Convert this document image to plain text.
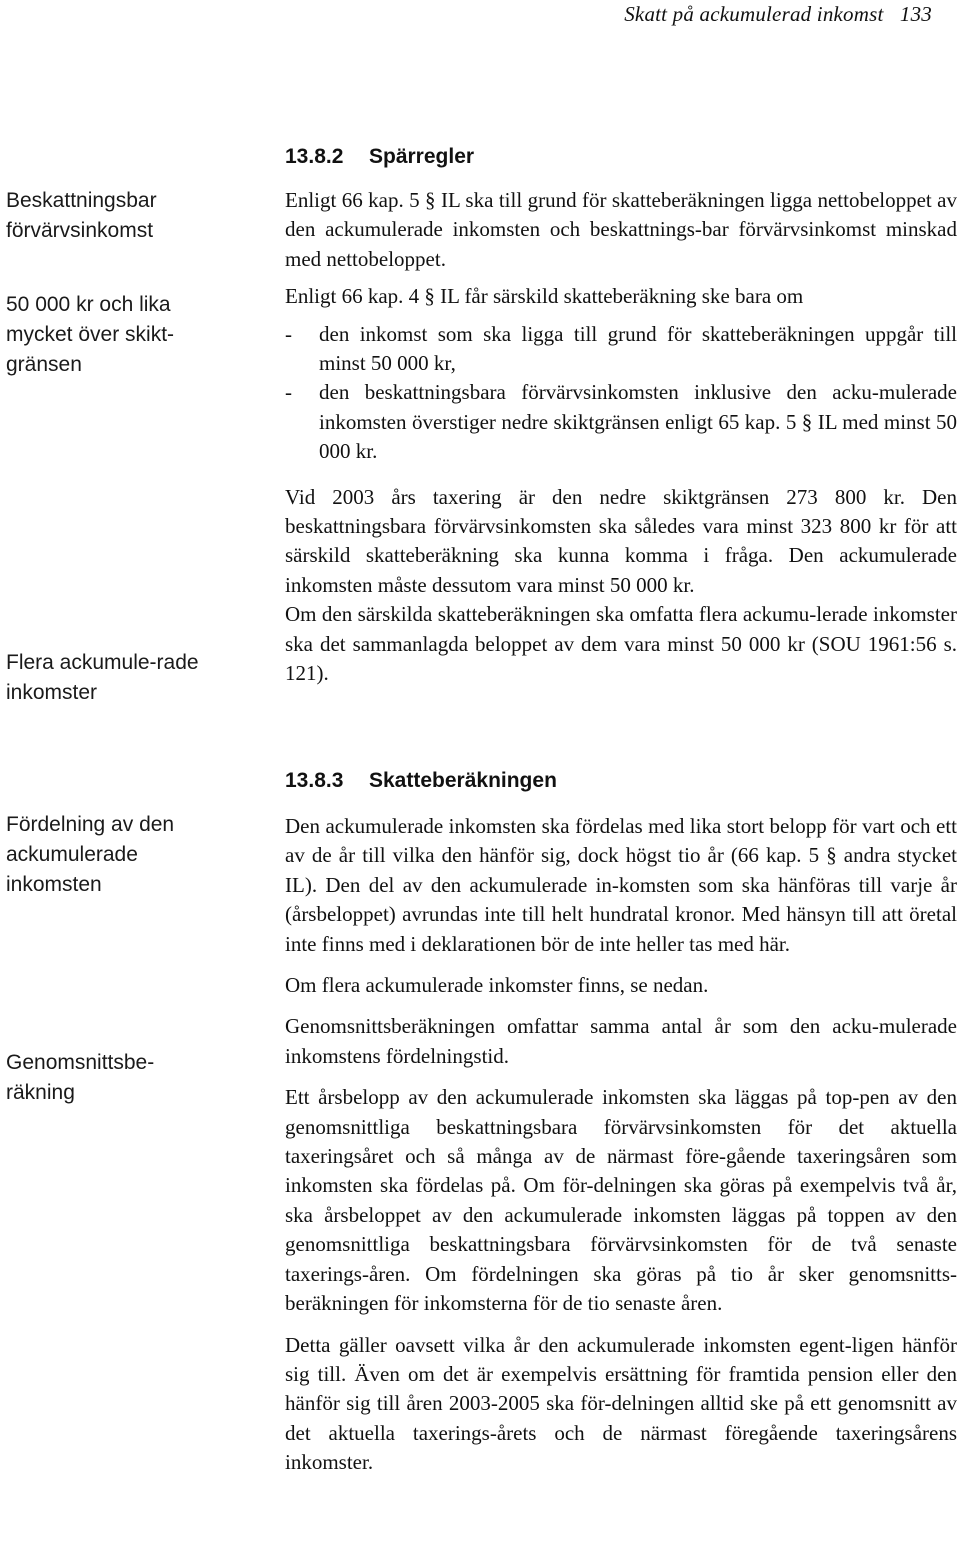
Skatt på ackumulerad inkomst 133
Beskattningsbar förvärvsinkomst
50 000 kr och lika mycket över skikt-gränsen
Flera ackumule-rade inkomster
Fördelning av den ackumulerade inkomsten
Genomsnittsbe-räkning
13.8.2 Spärregler

Enligt 66 kap. 5 § IL ska till grund för skatteberäkningen ligga nettobeloppet av den ackumulerade inkomsten och beskattnings-bar förvärvsinkomst minskad med nettobeloppet.

Enligt 66 kap. 4 § IL får särskild skatteberäkning ske bara om

-	den inkomst som ska ligga till grund för skatteberäkningen uppgår till minst 50 000 kr,
-	den beskattningsbara förvärvsinkomsten inklusive den acku-mulerade inkomsten överstiger nedre skiktgränsen enligt 65 kap. 5 § IL med minst 50 000 kr.

Vid 2003 års taxering är den nedre skiktgränsen 273 800 kr. Den beskattningsbara förvärvsinkomsten ska således vara minst 323 800 kr för att särskild skatteberäkning ska kunna komma i fråga. Den ackumulerade inkomsten måste dessutom vara minst 50 000 kr.

Om den särskilda skatteberäkningen ska omfatta flera ackumu-lerade inkomster ska det sammanlagda beloppet av dem vara minst 50 000 kr (SOU 1961:56 s. 121).

13.8.3 Skatteberäkningen

Den ackumulerade inkomsten ska fördelas med lika stort belopp för vart och ett av de år till vilka den hänför sig, dock högst tio år (66 kap. 5 § andra stycket IL). Den del av den ackumulerade in-komsten som ska hänföras till varje år (årsbeloppet) avrundas inte till helt hundratal kronor. Med hänsyn till att öretal inte finns med i deklarationen bör de inte heller tas med här.

Om flera ackumulerade inkomster finns, se nedan.

Genomsnittsberäkningen omfattar samma antal år som den acku-mulerade inkomstens fördelningstid.

Ett årsbelopp av den ackumulerade inkomsten ska läggas på top-pen av den genomsnittliga beskattningsbara förvärvsinkomsten för det aktuella taxeringsåret och så många av de närmast före-gående taxeringsåren som inkomsten ska fördelas på. Om för-delningen ska göras på exempelvis två år, ska årsbeloppet av den ackumulerade inkomsten läggas på toppen av den genomsnittliga beskattningsbara förvärvsinkomsten för de två senaste taxerings-åren. Om fördelningen ska göras på tio år sker genomsnitts-beräkningen för inkomsterna för de tio senaste åren.

Detta gäller oavsett vilka år den ackumulerade inkomsten egent-ligen hänför sig till. Även om det är exempelvis ersättning för framtida pension eller den hänför sig till åren 2003-2005 ska för-delningen alltid ske på ett genomsnitt av det aktuella taxerings-årets och de närmast föregående taxeringsårens inkomster.
